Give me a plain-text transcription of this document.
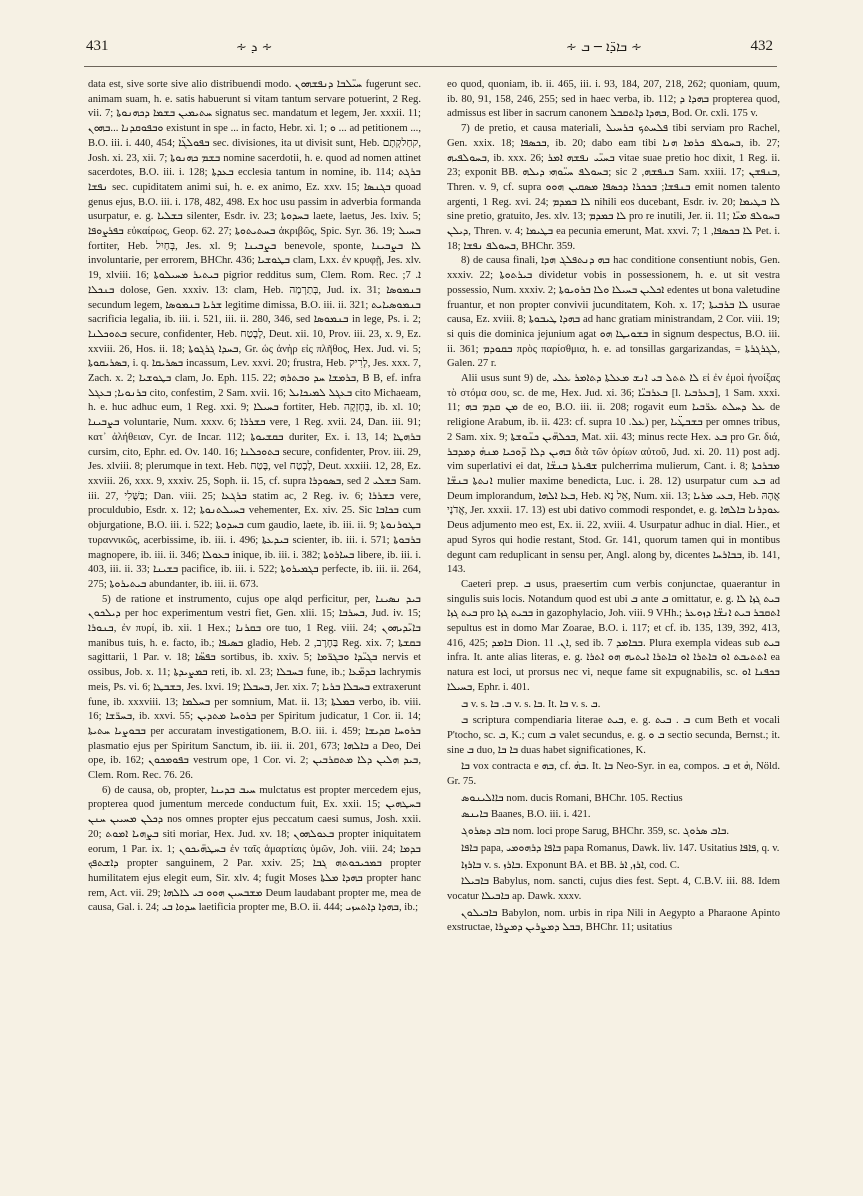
431	∻ ܕ ∻	∻ ܒܐܕ̈ܐ ─ ܒ ∻	432

data est, sive sorte sive alio distribuendi modo. ܚܝ̈ܠܒܐ ܕܢܦܫܗܘܢ fugerunt sec. animam suam, h. e. satis habuerunt si vitam tantum servare potuerint, 2 Reg. vii. 7; ܚܬܝܡܝܢ ܒܫܡܐ ܕܟܗܢܘܬܐ signatus sec. mandatum et legem, Jer. xxxii. 11; ܘܒܦܘܩܕܢܐ ...ܒܗܘܢ existunt in spe ... in facto, Hebr. xi. 1; ܘ ... ad petitionem ..., B.O. iii. i. 440, 454; ܒܦܘܠܓ̈ܐ sec. divisiones, ita ut divisit sunt, Heb. קחַלקְתָם, Josh. xi. 23, xii. 7; ܒܫܡ ܟܗܢܘܬܐ nomine sacerdotii, h. e. quod ad nomen attinet sacerdotes, B.O. iii. i. 128; ܒܥܕܬܐ ecclesia tantum in nomine, ib. 114; ܒܪܓܬ ܢܦܫܐ sec. cupiditatem animi sui, h. e. ex animo, Ez. xxv. 15; ܒܓܢܣܐ quoad genus ejus, B.O. iii. i. 178, 482, 498. Ex hoc usu passim in adverbia formanda usurpatur, e. g. ܒܫܠܝܐ silenter, Esdr. iv. 23; ܒܚܕܘܬܐ laete, laetus, Jes. lxiv. 5; ܒܦܪܨܘܦܐ εὐκαίρως, Geop. 62. 27; ܒܚܬܝܬܘܬܐ ἀκριβῶς, Spic. Syr. 36. 19; ܒܚܝܠ fortiter, Heb. בְּחַיִל, Jes. xl. 9; ܒܨܒܝܢܐ benevole, sponte, ܠܐ ܒܨܒܝܢܐ involuntarie, per errorem, BHChr. 436; ܒܛܘܫܝܐ clam, Lxx. ἐν κρυφῇ, Jes. xlv. 19, xlviii. 16; ܒܝܬܝܪ ܡܚܝܠܘܬܐ pigrior redditus sum, Clem. Rom. Rec. ܐ. 7; ܒܢܟܠܐ dolose, Gen. xxxiv. 13: clam, Heb. בְּתַרְמָה, Jud. ix. 31; ܒܢܡܘܣܐ secundum legem, ܫܪܝܐ ܒܢܡܘܣܐ legitime dimissa, B.O. iii. ii. 321; ܒܢܡܘܣܝܐܝܬ sacrificia legalia, ib. iii. i. 521, iii. ii. 280, 346, sed ܒܢܡܘܣܐ in lege, Ps. i. 2; ܒܬܘܟܠܢܐ secure, confidenter, Heb. לָבֶטַח, Deut. xii. 10, Prov. iii. 23, x. 9, Ez. xxviii. 26, Hos. ii. 18; ܒܚܕܐ ܓܪܓܘܬܐ, Gr. ὡς ἀνὴρ εἰς πλῆθος, Hex. Jud. vi. 5; ܒܣܪܝܩܘܬܐ, i. q. ܒܣܪܝܩܐ incassum, Lev. xxvi. 20; frustra, Heb. לָרִיק, Jes. xxx. 7, Zach. x. 2; ܒܛܘܫܝܐ clam, Jo. Eph. 115. 22; ܒܪܡܫܐ ܚܕ ܘܒܬܪܗ, B B, ef. infra ܒܪܢܘܝܐ; ܒܥܓܠ cito, confestim, 2 Sam. xvii. 16; ܒܥܓܠ ܠܡܝܟܐܝܠ cito Michaeam, h. e. huc adhuc eum, 1 Reg. xxi. 9; ܒܚܝܠܐ fortiter, Heb. בְּחָזְקָה, ib. xl. 10; ܒܨܒܝܢܐ voluntarie, Num. xxxv. 6; ܒܫܪܪܐ vere, 1 Reg. xvii. 24, Dan. iii. 91; κατ᾿ ἀλήθειαν, Cyr. de Incar. 112; ܒܩܫܝܘܬܐ duriter, Ex. i. 13, 14; ܒܪܗܛܐ cursim, cito, Ephr. ed. Ov. 140. 16; ܒܬܘܟܠܢܐ secure, confidenter, Prov. iii. 29, Jes. xlviii. 8; plerumque in text. Heb. בֶּטַח, vel לָבֶטַח, Deut. xxxiii. 12, 28, Ez. xxviii. 26, xxx. 9, xxxiv. 25, Soph. ii. 15, cf. supra ܒܣܘܕܪܐ, sed ܒܫܠܝ 2 Sam. iii. 27, בַּשֶּׁלִי; Dan. viii. 25; ܒܪܓܥܐ statim ac, 2 Reg. iv. 6; ܒܫܪܪܐ vere, proculdubio, Esdr. x. 12; ܒܚܝܠܬܢܘܬܐ vehementer, Ex. xiv. 25. Sic ܒܟܐܒܐ cum objurgatione, B.O. iii. i. 522; ܒܚܕܘܬܐ cum gaudio, laete, ib. iii. ii. 9; ܒܛܘܪܢܘܬܐ τυραννικῶς, acerbissime, ib. iii. i. 496; ܒܝܕܥܬܐ scienter, ib. iii. i. 571; ܒܪܒܘܬܐ magnopere, ib. iii. ii. 346; ܒܥܘܠܐ inique, ib. iii. i. 382; ܒܚܐܪܘܬܐ libere, ib. iii. i. 403, iii. ii. 33; ܒܫܝܢܐ pacifice, ib. iii. i. 522; ܒܓܡܝܪܘܬܐ perfecte, ib. iii. ii. 264, 275; ܒܝܬܝܪܘܬܐ abundanter, ib. iii. ii. 673.

5) de ratione et instrumento, cujus ope alqd perficitur, per, ܒܝܕ ܢܣܝܢܐ ܕܝܠܟܘܢ per hoc experimentum vestri fiet, Gen. xlii. 15; ܒܚܪܒܐ, Jud. iv. 15; ܒܢܘܪܐ, ἐν πυρί, ib. xii. 1 Hex.; ܒܩܪܢܐ ore tuo, 1 Reg. viii. 24; ܒܐܝ̈ܕܝܗܘܢ manibus tuis, h. e. facto, ib.; ܒܣܝܦܐ gladio, Heb. בַּחֶרֶב, 2 Reg. xix. 7; ܒܩܫܬܐ sagittarii, 1 Par. v. 18; ܒܦܣ̈ܐ sortibus, ib. xxiv. 5; ܒܓܝ̈ܕܐ ܘܒܓܪ̈ܡܐ nervis et ossibus, Job. x. 11; ܒܡܨܝܕܬܐ reti, ib. xl. 23; ܒܚܒܠܐ fune, ib.; ܒܕܡ̈ܥܐ lachrymis meis, Ps. vi. 6; ܒܫܒܛܐ, Jes. lxvi. 19; ܒܚܒܠܐ, Jer. xix. 7; ܒܚܒܠܐ ܒܪܝܐ extraxerunt fune, ib. xxxviii. 13; ܒܚܠܡܐ per somnium, Mat. ii. 13; ܒܡܠܬܐ verbo, ib. viii. 16; ܒܚܪ̈ܫܐ, ib. xxvi. 55; ܒܪܘܚܐ ܡܬܕܝܢ per Spiritum judicatur, 1 Cor. ii. 14; ܒܒܘܨܝܐ ܚܬܝܬܐ per accuratam investigationem, B.O. iii. i. 459; ܒܪܘܚܐ ܩܕܝܫܐ plasmatio ejus per Spiritum Sanctum, ib. iii. ii. 201, 673; ܒܐܠܗܐ a Deo, Dei ope, ib. 162; ܒܦܘܡܟܘܢ vestrum ope, 1 Cor. vi. 2; ܒܝܕ ܗܠܝܢ ܕܠܐ ܡܬܩܪܒܝܢ, Clem. Rom. Rec. 76. 26.

6) de causa, ob, propter, ܚܝܒ ܒܕܝܢܐ mulctatus est propter mercedem ejus, propterea quod jumentum mercede conductum fuit, Ex. xxii. 15; ܒܚܛܗܝܢ ܕܟܠܢ ܡܚܝܝܢ ܚܢܢ nos omnes propter ejus peccatum caesi sumus, Josh. xxii. 20; ܒܨܗܝܐ ܐܡܘܬ siti moriar, Hex. Jud. xv. 18; ܒܥܘܠܗܘܢ propter iniquitatem eorum, 1 Par. ix. 1; ܒܚܛܗ̈ܝܟܘܢ ἐν ταῖς ἁμαρτίαις ὑμῶν, Joh. viii. 24; ܒܕܡܐ ܕܐܫܬܦܟ propter sanguinem, 2 Par. xxiv. 25; ܒܡܟܝܟܘܬܗ ܓܒܐ propter humilitatem ejus elegit eum, Sir. xlv. 4; fugit Moses ܒܗܕܐ ܡܠܬܐ propter hanc rem, Act. vii. 29; ܡܫܒܚܝܢ ܗܘܘ ܒܝ ܠܐܠܗܐ Deum laudabant propter me, mea de causa, Gal. i. 24; ܚܕܘܐ ܒܝ laetificia propter me, B.O. ii. 444; ܒܗܕܐ ܕܐܬܚܙܝ, ib.;

eo quod, quoniam, ib. ii. 465, iii. i. 93, 184, 207, 218, 262; quoniam, quum, ib. 80, 91, 158, 246, 255; sed in haec verba, ib. 112; ܒܗܕܐ ܕ propterea quod, admissus est liber in sacrum canonem ܒܗܕܐ ܕܐܬܩܒܠ, Bod. Or. cxli. 175 v.

7) de pretio, et causa materiali, ܦܠܚܬܟ ܒܪܚܝܠ tibi serviam pro Rachel, Gen. xxix. 18; ܒܟܣܦܐ, ib. 20; dabo eam tibi ܒܚܘܠܦ ܟܪܡܐ ܗܢܐ, ib. 27; ܒܚܘܠܦܝܗ, ib. xxx. 26; ܒܚܝ̈ܝ ܢܦܫܗ ܐܡܪ vitae suae pretio hoc dixit, 1 Reg. ii. 23; exponit BB. ܒܚܘܠܦ ܚܝ̈ܘܗܝ ܕܝܠܗ; sic ܒܢܦܫܗ, 2 Sam. xxiii. 17; ܒܢܦܫܢ, Thren. v. 9, cf. supra ܒܢܦܫܐ; ܒܟܟܪܐ ܕܟܣܦܐ ܡܣܩܝܢ ܗܘܘ emit nomen talento argenti, 1 Reg. xvi. 24; ܠܐ ܒܡܕܡ nihili eos ducebant, Esdr. iv. 20; ܠܐ ܒܛܝܡܐ sine pretio, gratuito, Jes. xlv. 13; ܠܐ ܒܡܕܡ pro re inutili, Jer. ii. 11; ܒܚܘܠܦ ܡܝ̈ܐ ܕܝܠܢ, Thren. v. 4; ܒܛܝܡܐ ea pecunia emerunt, Mat. xxvi. 7; ܠܐ ܒܟܣܦܐ, 1 Pet. i. 18; ܒܚܘܠܦ ܢܦܫܐ, BHChr. 359.

8) de causa finali, ܒܗ ܕܢܬܦܠܓ ܗܕܐ hac conditione consentiunt nobis, Gen. xxxiv. 22; ܒܝܪܬܘܬܐ dividetur vobis in possessionem, h. e. ut sit vestra possessio, Num. xxxiv. 2; ܐܟܠܝܢ ܒܚܝܠܐ ܘܠܐ ܒܪܘܝܘܬܐ edentes ut bona valetudine fruantur, et non propter convivii jucunditatem, Koh. x. 17; ܠܐ ܒܪܒܝܬܐ usurae causa, Ez. xviii. 8; ܒܗܕܐ ܛܝܒܘܬܐ ad hanc gratiam ministrandam, 2 Cor. viii. 19; si quis die dominica jejunium agat ܒܫܘܝܛܐ ܗܘ in signum despectus, B.O. iii. ii. 361; ܒܩܘܕܡ πρὸς παρίσθμια, h. e. ad tonsillas gargarizandas, = ܠܓܪܓܪܬܐ, Galen. 27 r.

Alii usus sunt 9) de, ܠܐ ܬܬܠ ܒܝ ܐܢܫ ܡܥܠܬܐ ܕܬܐܡܪ ܥܠܝ εἰ ἐν ἐμοὶ ἠνοίξας τὸ στόμα σου, sc. de me, Hex. Jud. xi. 36; ܒܥܪܒܝ̈ܐ [l. ܒܥܪܒܝܐ], 1 Sam. xxxi. 11; ܡܢ ܩܕܡ ܒܗ de eo, B.O. iii. ii. 208; rogavit eum ܥܠ ܕܚܠܬ ܥܪ̈ܒܝܐ de religione Arabum, ib. ii. 423: cf. supra ܥܠ. 10) per, ܒܫܒܛ̈ܝܐ per omnes tribus, 2 Sam. xix. 9; ܒܟܠܗ̈ܝܢ ܟܢ̈ܘܫܬܐ, Mat. xii. 43; minus recte Hex. ܒܥ pro Gr. διά, ܒܗܝܢ ܕܠܐ ܕ̈ܘܟܝܐ ܡܢܗ̇ ܕܡܕܒܪ διὰ τῶν ὁρίων αὐτοῦ, Jud. xi. 20. 11) post adj. vim superlativi ei dat, ܫܦܝܪܬܐ ܒܢܫ̈ܐ pulcherrima mulierum, Cant. i. 8; ܡܒܪܟܬܐ ܐܢܬܬܐ ܒܢܫ̈ܐ mulier maxime benedicta, Luc. i. 28. 12) usurpatur cum ܒܥ ad Deum implorandum, ܒܥܐ ܐܠܗܐ, Heb. אֵל נָא, Num. xii. 13; ܒܥܝ ܡܪܝܐ, Heb. אֲהָהּ אֲדֹנָי, Jer. xxxii. 17. 13) est ubi dativo commodi respondet, e. g. ܥܘܕܪܢܐ ܒܐܠܗܐ Deus adjumento meo est, Ex. ii. 22, xviii. 4. Usurpatur adhuc in dial. Hier., et apud Syros qui hodie restant, Stod. Gr. 141, quorum tamen qui in montibus degunt cam reduplicant in sensu per, Angl. along by, dicentes ܒܒܐܪܚܐ, ib. 141, 143.

Caeteri prep. ܒ usus, praesertim cum verbis conjunctae, quaerantur in singulis suis locis. Notandum quod est ubi ܒ ante ܒ omittatur, e. g. ܒܝܬ ܓܙܐ ܠܐ ܒܝܬ ܓܙܐ pro ܒܒܝܬ ܓܙܐ in gazophylacio, Joh. viii. 9 VHh.; ܐܬܩܒܪ ܒܝܬ ܐܢܫ̈ܐ ܕܙܘܥܪ sepultus est in domo Mar Zoarae, B.O. i. 117; et cf. ib. 135, 139, 392, 413, 416, 425; ܒܐܡܕ Dion. ܐܢ. 11, sed ib. 7 ܒܒܐܡܕ. Plura exempla videas sub ܒܝܬ infra. It. ante alias literas, e. g. ܐܬܬܝܒܬ ܐܘ ܒܐܬܪܐ ܐܘ ܒܐܬܪܐ ܐܝܬܝܗ ܗܘ ܐܬܪܐ ea natura est loci, ut prorsus nec vi, neque fame sit expugnabilis, sc. ܒܟܦܢܐ ܐܘ ܒܚܝܠܐ, Ephr. i. 401.

ܒ v. s. ܒ. ܒܐ v. s. ܒܐ. It. ܒܐ v. s. ܒ.

ܒ scriptura compendiaria literae ܒܝܬ, e. g. ܒ . ܒܝܬ cum Beth et vocali P'tocho, sc. ܒ, K.; cum ܒ valet secundus, e. g. ܒ ܘ sectio secunda, Bernst.; it. sine ܒ duo, ܒܐ ܒܐ duas habet significationes, K.

ܒܐ vox contracta e ܒܗ, cf. ܒܗ̇. It. ܒܐ Neo-Syr. in ea, compos. ܒ et ܗ̇, Nöld. Gr. 75.

ܒܐܐܠܝܢܘܣ nom. ducis Romani, BHChr. 105. Rectius

ܒܐܝܢܣ Baanes, B.O. iii. i. 421.

ܒܐܒ ܕܣܪܘܓ nom. loci prope Sarug, BHChr. 359, sc. ܒܐܒ ܣܪܘܓ.

ܒܐܦܐ papa, ܒܐܦܐ ܕܪܗܘܡܝ papa Romanus, Dawk. liv. 147. Usitatius ܦܐܦܐ, q. v.

ܒܐܪܙܐ v. s. ܒܐܪܙ. Exponunt BA. et BB. ܐܪܙ, ܐܪ, cod. C.

ܒܐܒܝܠܐ Babylus, nom. sancti, cujus dies fest. Sept. 4, C.B.V. iii. 88. Idem vocatur ܒܐܒܝܠܐ ap. Dawk. xxxv.

ܒܐܒܝܠܘܢ Babylon, nom. urbis in ripa Nili in Aegypto a Pharaone Apinto exstructae, ܒܒܠ ܕܡܨܪܝܢ ܕܡܨܪܐ, BHChr. 11; usitatius
